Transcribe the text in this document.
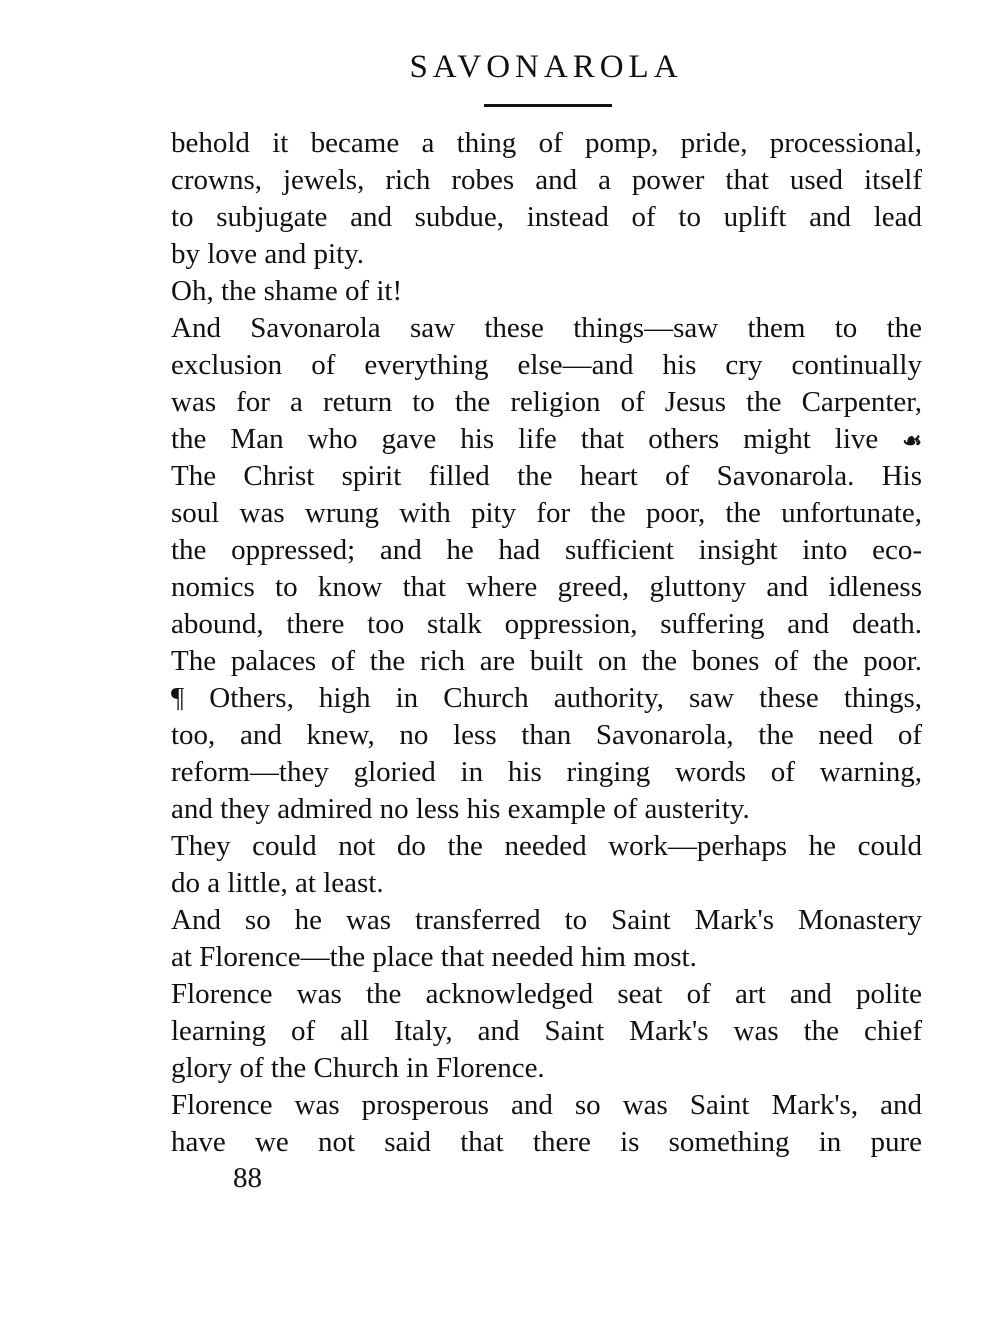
SAVONAROLA
behold it became a thing of pomp, pride, processional,
crowns, jewels, rich robes and a power that used itself
to subjugate and subdue, instead of to uplift and lead
by love and pity.
Oh, the shame of it!
And Savonarola saw these things—saw them to the
exclusion of everything else—and his cry continually
was for a return to the religion of Jesus the Carpenter,
the Man who gave his life that others might live ☙
The Christ spirit filled the heart of Savonarola. His
soul was wrung with pity for the poor, the unfortunate,
the oppressed; and he had sufficient insight into eco-
nomics to know that where greed, gluttony and idleness
abound, there too stalk oppression, suffering and death.
The palaces of the rich are built on the bones of the poor.
¶ Others, high in Church authority, saw these things,
too, and knew, no less than Savonarola, the need of
reform—they gloried in his ringing words of warning,
and they admired no less his example of austerity.
They could not do the needed work—perhaps he could
do a little, at least.
And so he was transferred to Saint Mark's Monastery
at Florence—the place that needed him most.
Florence was the acknowledged seat of art and polite
learning of all Italy, and Saint Mark's was the chief
glory of the Church in Florence.
Florence was prosperous and so was Saint Mark's, and
have we not said that there is something in pure
88
